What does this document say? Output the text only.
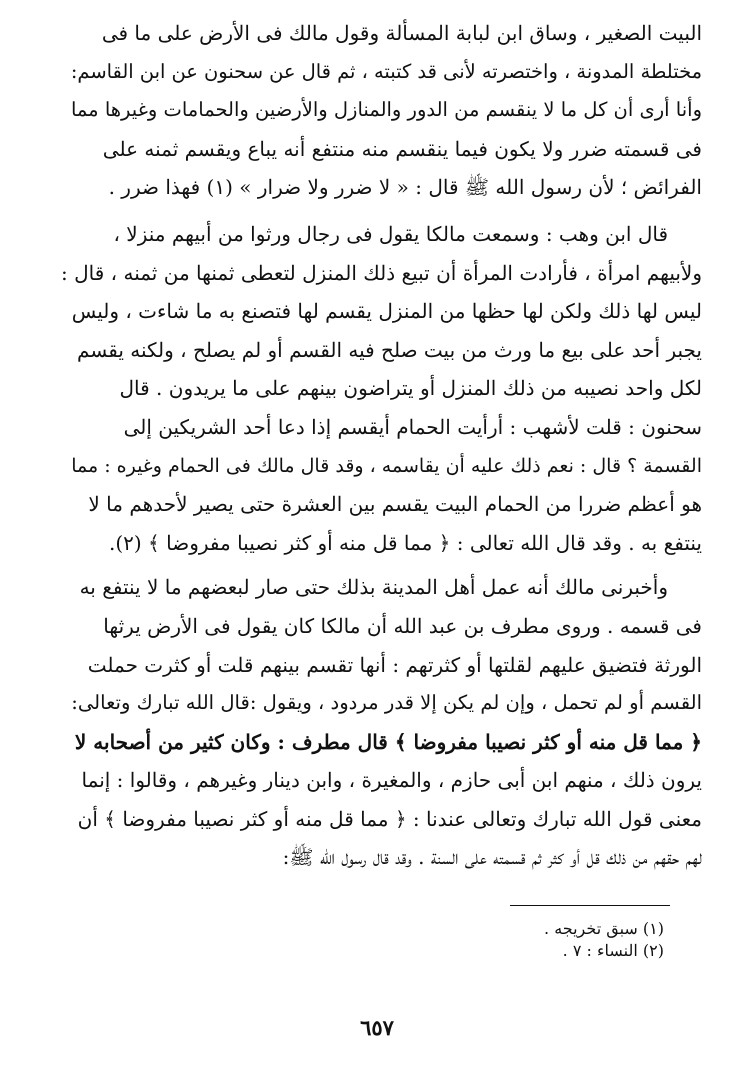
البيت الصغير ، وساق ابن لبابة المسألة وقول مالك فى الأرض على ما فى
مختلطة المدونة ، واختصرته لأنى قد كتبته ، ثم قال عن سحنون عن ابن القاسم:
وأنا أرى أن كل ما لا ينقسم من الدور والمنازل والأرضين والحمامات وغيرها مما
فى قسمته ضرر ولا يكون فيما ينقسم منه منتفع أنه يباع ويقسم ثمنه على
الفرائض ؛ لأن رسول الله ﷺ قال : « لا ضرر ولا ضرار » (١) فهذا ضرر .

قال ابن وهب : وسمعت مالكا يقول فى رجال ورثوا من أبيهم منزلا ،
ولأبيهم امرأة ، فأرادت المرأة أن تبيع ذلك المنزل لتعطى ثمنها من ثمنه ، قال :
ليس لها ذلك ولكن لها حظها من المنزل يقسم لها فتصنع به ما شاءت ، وليس
يجبر أحد على بيع ما ورث من بيت صلح فيه القسم أو لم يصلح ، ولكنه يقسم
لكل واحد نصيبه من ذلك المنزل أو يتراضون بينهم على ما يريدون . قال
سحنون : قلت لأشهب : أرأيت الحمام أيقسم إذا دعا أحد الشريكين إلى
القسمة ؟ قال : نعم ذلك عليه أن يقاسمه ، وقد قال مالك فى الحمام وغيره : مما
هو أعظم ضررا من الحمام البيت يقسم بين العشرة حتى يصير لأحدهم ما لا
ينتفع به . وقد قال الله تعالى : ﴿ مما قل منه أو كثر نصيبا مفروضا ﴾ (٢).

وأخبرنى مالك أنه عمل أهل المدينة بذلك حتى صار لبعضهم ما لا ينتفع به
فى قسمه . وروى مطرف بن عبد الله أن مالكا كان يقول فى الأرض يرثها
الورثة فتضيق عليهم لقلتها أو كثرتهم : أنها تقسم بينهم قلت أو كثرت حملت
القسم أو لم تحمل ، وإن لم يكن إلا قدر مردود ، ويقول :قال الله تبارك وتعالى:
﴿ مما قل منه أو كثر نصيبا مفروضا ﴾ قال مطرف : وكان كثير من أصحابه لا
يرون ذلك ، منهم ابن أبى حازم ، والمغيرة ، وابن دينار وغيرهم ، وقالوا : إنما
معنى قول الله تبارك وتعالى عندنا : ﴿ مما قل منه أو كثر نصيبا مفروضا ﴾ أن
لهم حقهم من ذلك قل أو كثر ثم قسمته على السنة . وقد قال رسول الله ﷺ:

(١) سبق تخريجه .
(٢) النساء : ٧ .
٦٥٧
